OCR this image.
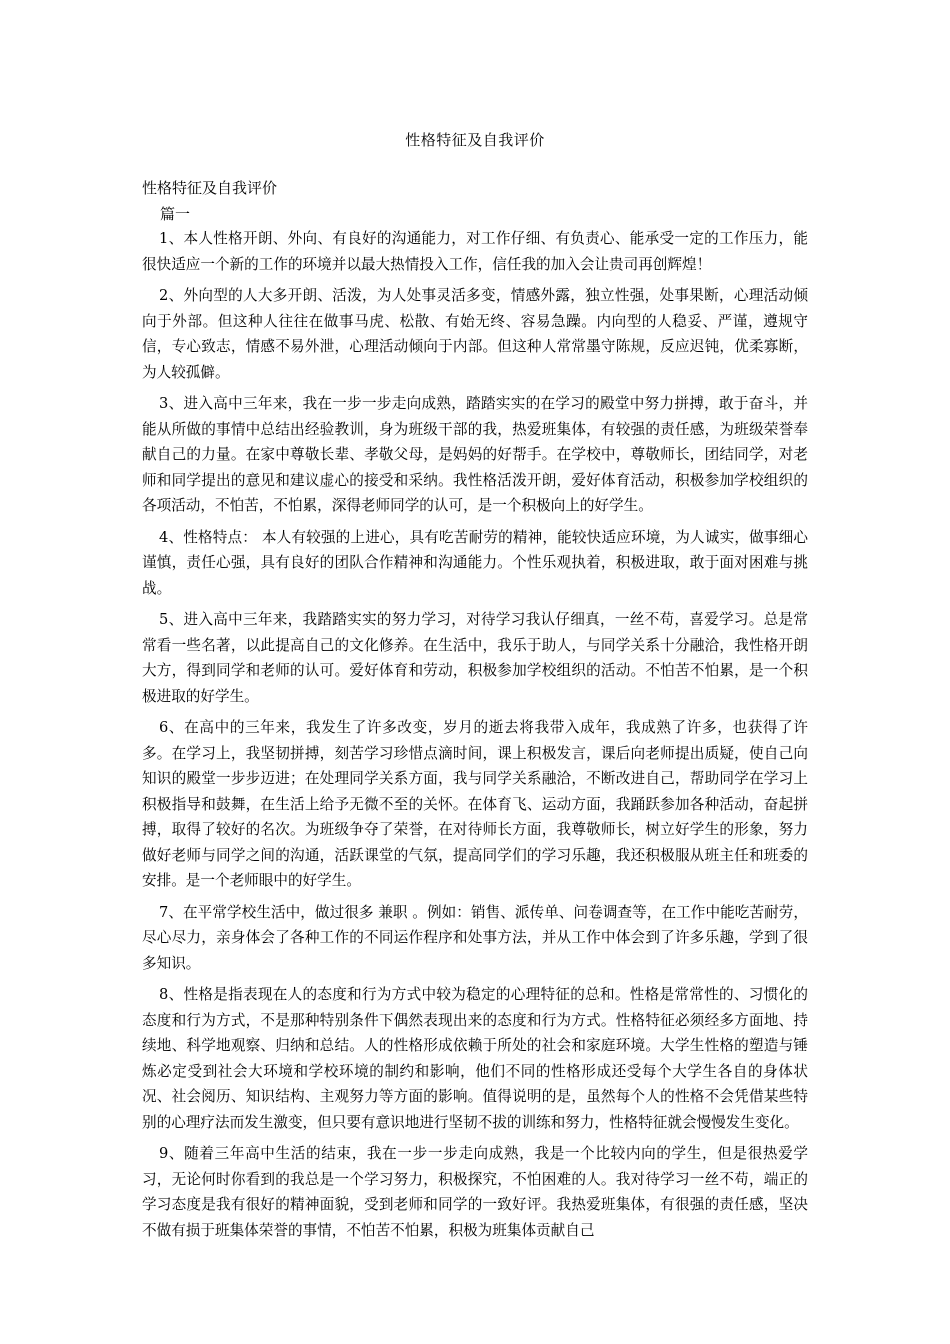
性格特征及自我评价
性格特征及自我评价
篇一

1、本人性格开朗、外向、有良好的沟通能力，对工作仔细、有负责心、能承受一定的工作压力，能很快适应一个新的工作的环境并以最大热情投入工作，信任我的加入会让贵司再创辉煌！

2、外向型的人大多开朗、活泼，为人处事灵活多变，情感外露，独立性强，处事果断，心理活动倾向于外部。但这种人往往在做事马虎、松散、有始无终、容易急躁。内向型的人稳妥、严谨，遵规守信，专心致志，情感不易外泄，心理活动倾向于内部。但这种人常常墨守陈规，反应迟钝，优柔寡断，为人较孤僻。

3、进入高中三年来，我在一步一步走向成熟，踏踏实实的在学习的殿堂中努力拼搏，敢于奋斗，并能从所做的事情中总结出经验教训，身为班级干部的我，热爱班集体，有较强的责任感，为班级荣誉奉献自己的力量。在家中尊敬长辈、孝敬父母，是妈妈的好帮手。在学校中，尊敬师长，团结同学，对老师和同学提出的意见和建议虚心的接受和采纳。我性格活泼开朗，爱好体育活动，积极参加学校组织的各项活动，不怕苦，不怕累，深得老师同学的认可，是一个积极向上的好学生。

4、性格特点： 本人有较强的上进心，具有吃苦耐劳的精神，能较快适应环境，为人诚实，做事细心谨慎，责任心强，具有良好的团队合作精神和沟通能力。个性乐观执着，积极进取，敢于面对困难与挑战。

5、进入高中三年来，我踏踏实实的努力学习，对待学习我认仔细真，一丝不苟，喜爱学习。总是常常看一些名著，以此提高自己的文化修养。在生活中，我乐于助人，与同学关系十分融洽，我性格开朗大方，得到同学和老师的认可。爱好体育和劳动，积极参加学校组织的活动。不怕苦不怕累，是一个积极进取的好学生。

6、在高中的三年来，我发生了许多改变，岁月的逝去将我带入成年，我成熟了许多，也获得了许多。在学习上，我坚韧拼搏，刻苦学习珍惜点滴时间，课上积极发言，课后向老师提出质疑，使自己向知识的殿堂一步步迈进；在处理同学关系方面，我与同学关系融洽，不断改进自己，帮助同学在学习上积极指导和鼓舞，在生活上给予无微不至的关怀。在体育飞、运动方面，我踊跃参加各种活动，奋起拼搏，取得了较好的名次。为班级争夺了荣誉，在对待师长方面，我尊敬师长，树立好学生的形象，努力做好老师与同学之间的沟通，活跃课堂的气氛，提高同学们的学习乐趣，我还积极服从班主任和班委的安排。是一个老师眼中的好学生。

7、在平常学校生活中，做过很多 兼职 。例如：销售、派传单、问卷调查等，在工作中能吃苦耐劳，尽心尽力，亲身体会了各种工作的不同运作程序和处事方法，并从工作中体会到了许多乐趣，学到了很多知识。

8、性格是指表现在人的态度和行为方式中较为稳定的心理特征的总和。性格是常常性的、习惯化的态度和行为方式，不是那种特别条件下偶然表现出来的态度和行为方式。性格特征必须经多方面地、持续地、科学地观察、归纳和总结。人的性格形成依赖于所处的社会和家庭环境。大学生性格的塑造与锤炼必定受到社会大环境和学校环境的制约和影响，他们不同的性格形成还受每个大学生各自的身体状况、社会阅历、知识结构、主观努力等方面的影响。值得说明的是，虽然每个人的性格不会凭借某些特别的心理疗法而发生激变，但只要有意识地进行坚韧不拔的训练和努力，性格特征就会慢慢发生变化。

9、随着三年高中生活的结束，我在一步一步走向成熟，我是一个比较内向的学生，但是很热爱学习，无论何时你看到的我总是一个学习努力，积极探究，不怕困难的人。我对待学习一丝不苟，端正的学习态度是我有很好的精神面貌，受到老师和同学的一致好评。我热爱班集体，有很强的责任感，坚决不做有损于班集体荣誉的事情，不怕苦不怕累，积极为班集体贡献自己
